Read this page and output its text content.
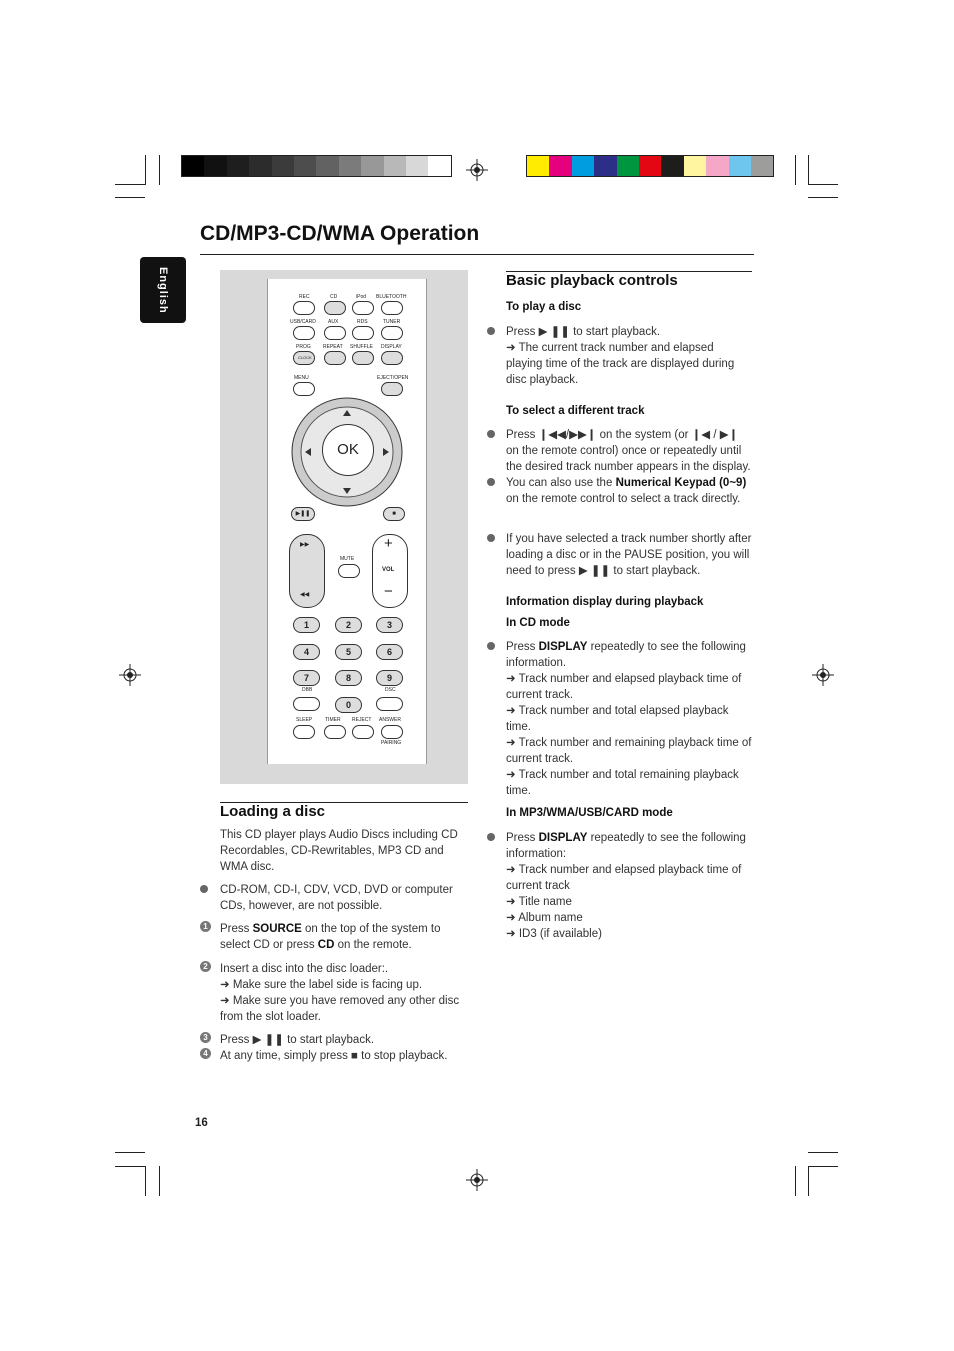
CD/MP3-CD/WMA Operation
English	REC	CD	iPod BLUETOOTH
USB/CARD AUX	RDS	TUNER
PROG REPEAT SHUFFLE DISPLAY
CLOCK
MENU	EJECT/OPEN
OK
▶❚❚	■
▶▶
◀◀
MUTE
+
VOL
−
1	2	3
4	5	6
7	8	9
DBB	DSC
0
SLEEP	TIMER REJECT ANSWER
PAIRING
Loading a disc
This CD player plays Audio Discs including CD Recordables, CD-Rewritables, MP3 CD and WMA disc.
CD-ROM, CD-I, CDV, VCD, DVD or computer CDs, however, are not possible.
1 Press SOURCE on the top of the system to select CD or press CD on the remote.
2 Insert a disc into the disc loader:.
➜ Make sure the label side is facing up.
➜ Make sure you have removed any other disc from the slot loader.
3 Press ▶ ❚❚ to start playback.
4 At any time, simply press ■ to stop playback.
Basic playback controls
To play a disc
Press ▶ ❚❚ to start playback.
➜ The current track number and elapsed playing time of the track are displayed during disc playback.
To select a different track
Press ❙◀◀/▶▶❙ on the system (or ❙◀ / ▶❙ on the remote control) once or repeatedly until the desired track number appears in the display.
You can also use the Numerical Keypad (0~9) on the remote control to select a track directly.
If you have selected a track number shortly after loading a disc or in the PAUSE position, you will need to press ▶ ❚❚ to start playback.
Information display during playback
In CD mode
Press DISPLAY repeatedly to see the following information.
➜ Track number and elapsed playback time of current track.
➜ Track number and total elapsed playback time.
➜ Track number and remaining playback time of current track.
➜ Track number and total remaining playback time.
In MP3/WMA/USB/CARD mode
Press DISPLAY repeatedly to see the following information:
➜ Track number and elapsed playback time of current track
➜ Title name
➜ Album name
➜ ID3 (if available)
16
